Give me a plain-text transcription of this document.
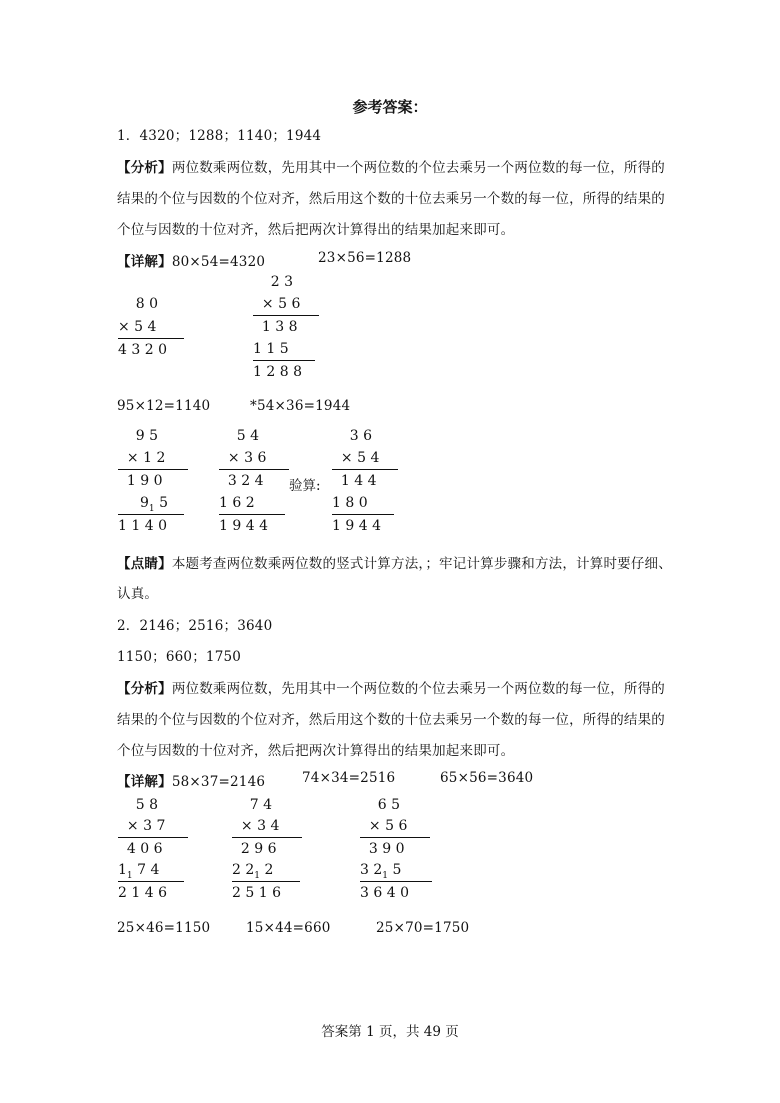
参考答案：
1．4320；1288；1140；1944
【分析】两位数乘两位数，先用其中一个两位数的个位去乘另一个两位数的每一位，所得的
结果的个位与因数的个位对齐，然后用这个数的十位去乘另一个数的每一位，所得的结果的
个位与因数的十位对齐，然后把两次计算得出的结果加起来即可。
【详解】80×54=4320	23×56=1288
8 0
× 5 4
4 3 2 0
2 3
× 5 6
1 3 8
1 1 5
1 2 8 8
95×12=1140	*54×36=1944
9 5
× 1 2
1 9 0
$9_1$ 5
1 1 4 0
5 4
× 3 6
3 2 4 验算:
1 6 2
1 9 4 4
3 6
× 5 4
1 4 4
1 8 0
1 9 4 4
【点睛】本题考查两位数乘两位数的竖式计算方法，；牢记计算步骤和方法，计算时要仔细、
认真。
2．2146；2516；3640
1150；660；1750
【分析】两位数乘两位数，先用其中一个两位数的个位去乘另一个两位数的每一位，所得的
结果的个位与因数的个位对齐，然后用这个数的十位去乘另一个数的每一位，所得的结果的
个位与因数的十位对齐，然后把两次计算得出的结果加起来即可。
【详解】58×37=2146	74×34=2516	65×56=3640
5 8
× 3 7
4 0 6
$1_1$ 7 4
2 1 4 6
7 4
× 3 4
2 9 6
2 $2_1$ 2
2 5 1 6
6 5
× 5 6
3 9 0
3 $2_1$ 5
3 6 4 0
25×46=1150	15×44=660	25×70=1750
答案第 1 页，共 49 页
